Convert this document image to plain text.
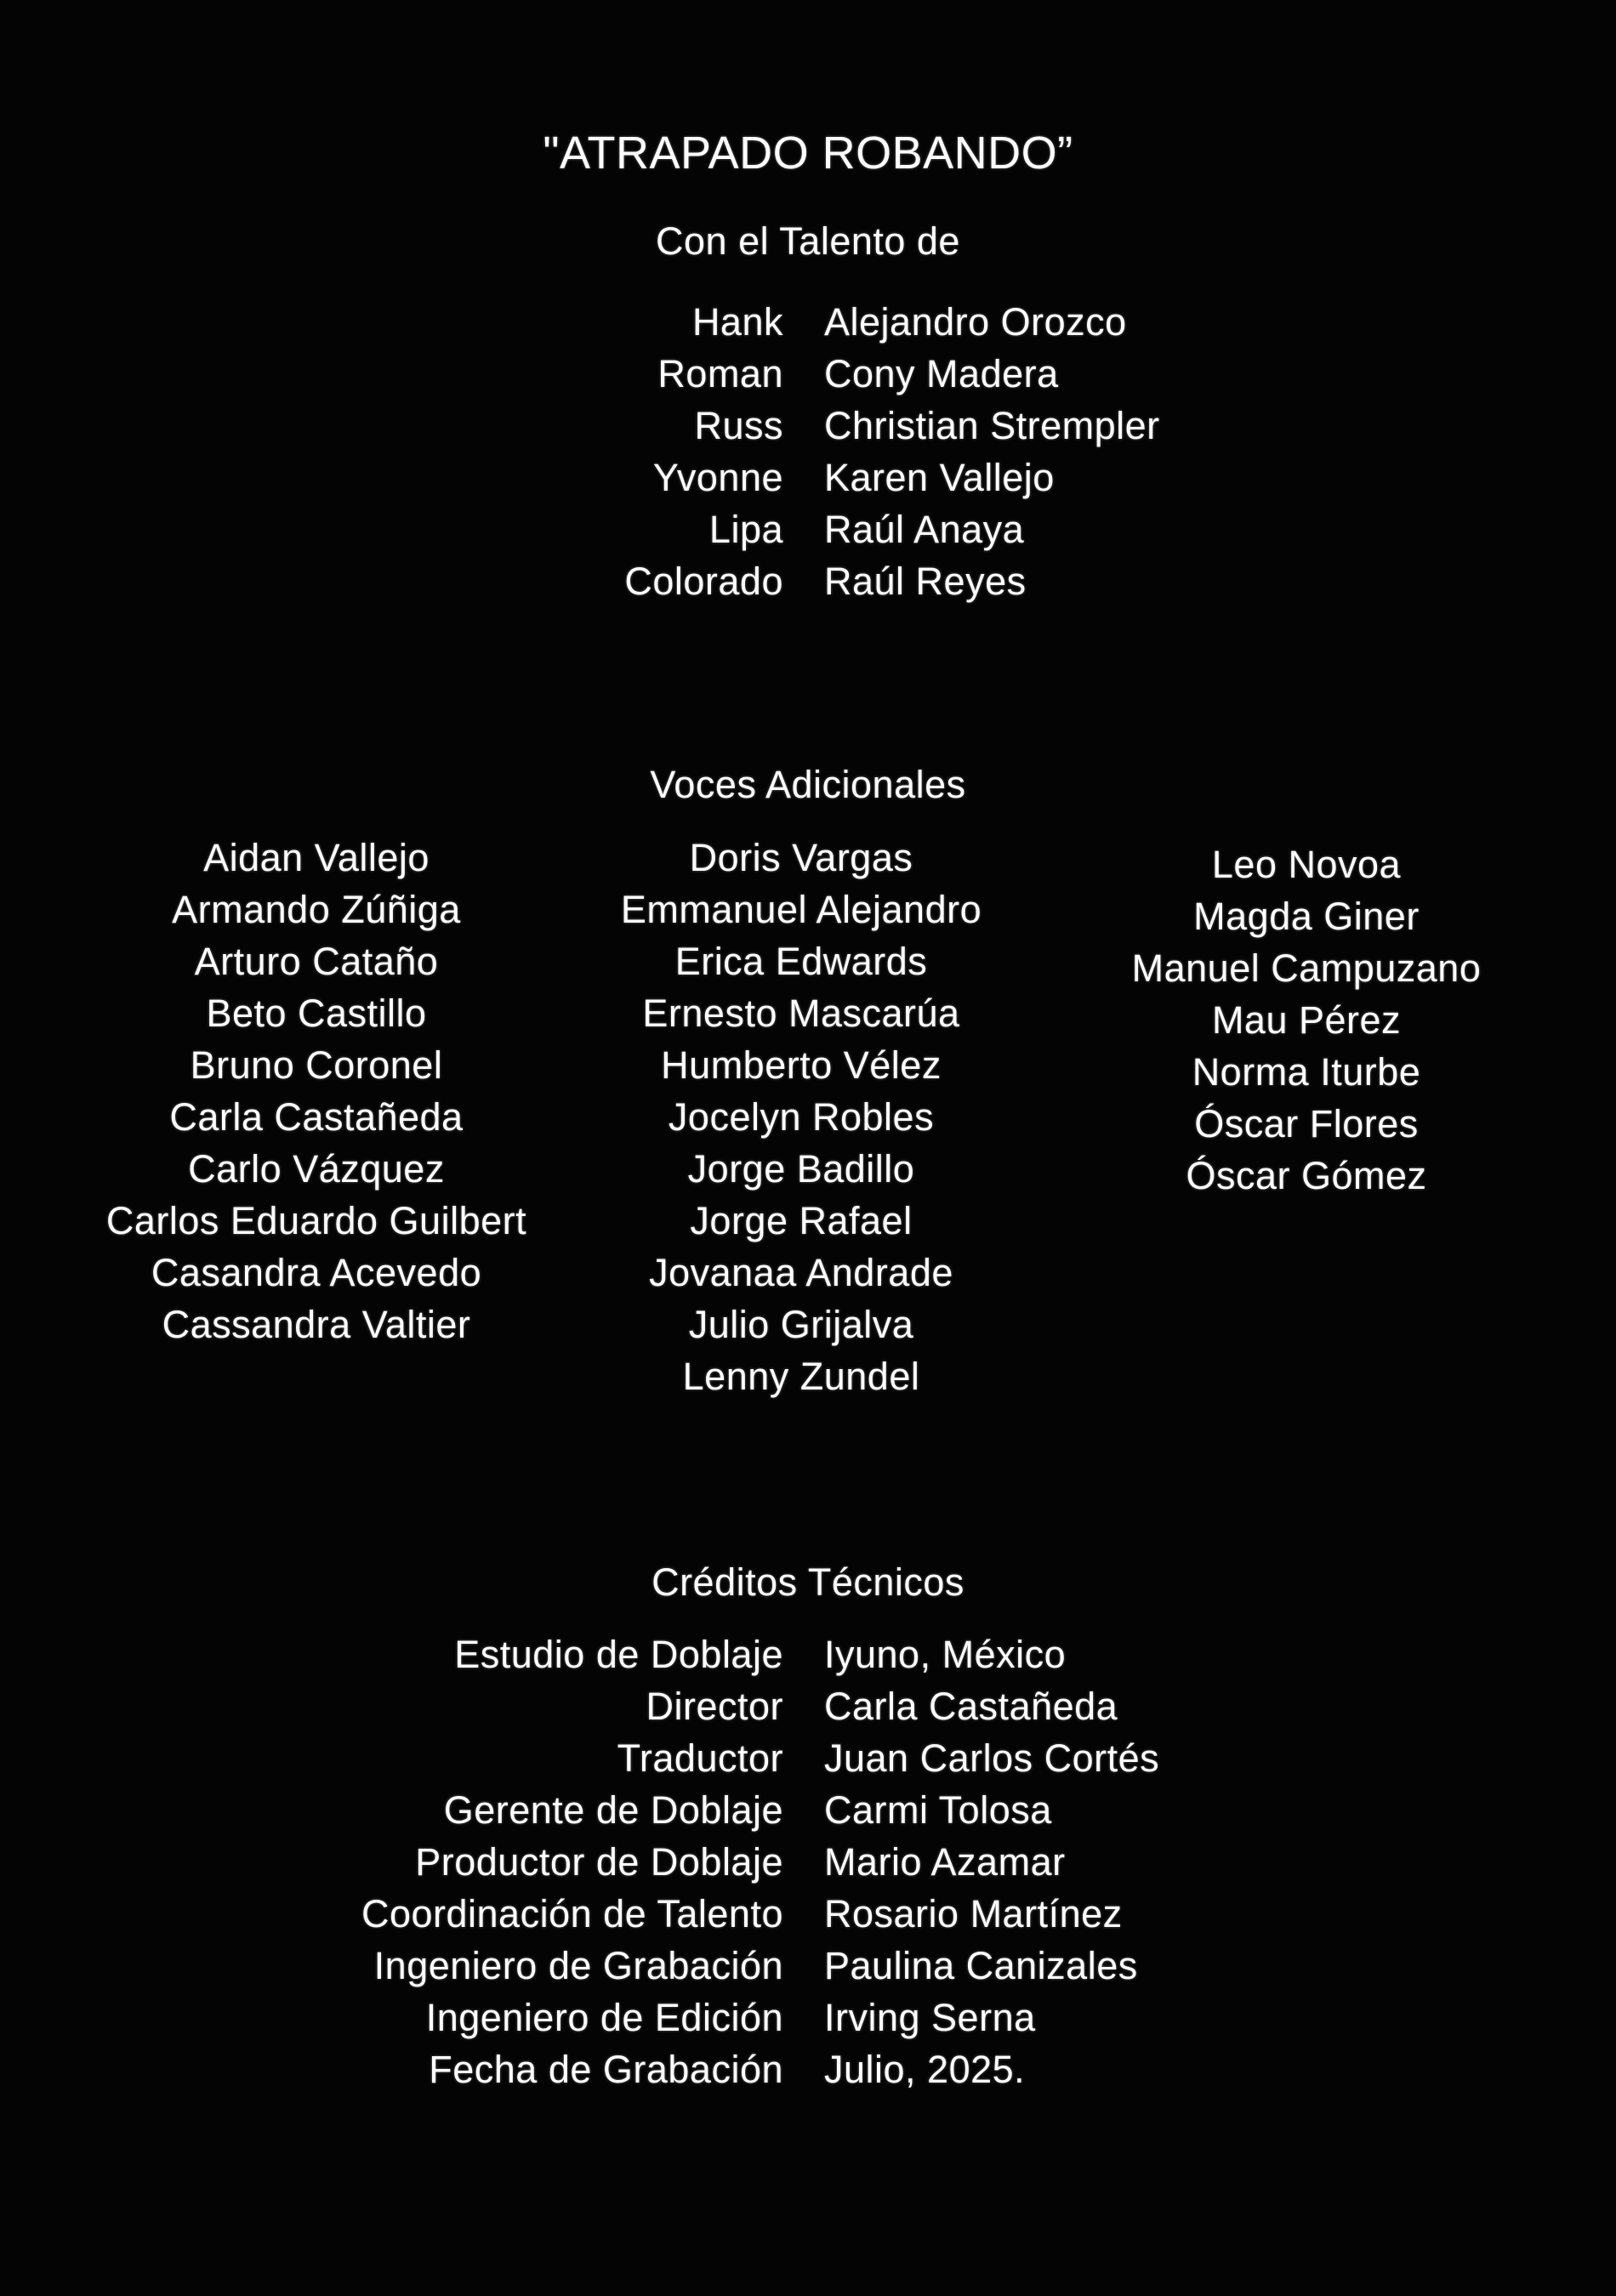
"ATRAPADO ROBANDO”
Con el Talento de
Hank Alejandro Orozco
Roman Cony Madera
Russ Christian Strempler
Yvonne Karen Vallejo
Lipa Raúl Anaya
Colorado Raúl Reyes
Voces Adicionales
Aidan Vallejo
Armando Zúñiga
Arturo Cataño
Beto Castillo
Bruno Coronel
Carla Castañeda
Carlo Vázquez
Carlos Eduardo Guilbert
Casandra Acevedo
Cassandra Valtier
Doris Vargas
Emmanuel Alejandro
Erica Edwards
Ernesto Mascarúa
Humberto Vélez
Jocelyn Robles
Jorge Badillo
Jorge Rafael
Jovanaa Andrade
Julio Grijalva
Lenny Zundel
Leo Novoa
Magda Giner
Manuel Campuzano
Mau Pérez
Norma Iturbe
Óscar Flores
Óscar Gómez
Créditos Técnicos
Estudio de Doblaje Iyuno, México
Director Carla Castañeda
Traductor Juan Carlos Cortés
Gerente de Doblaje Carmi Tolosa
Productor de Doblaje Mario Azamar
Coordinación de Talento Rosario Martínez
Ingeniero de Grabación Paulina Canizales
Ingeniero de Edición Irving Serna
Fecha de Grabación Julio, 2025.
